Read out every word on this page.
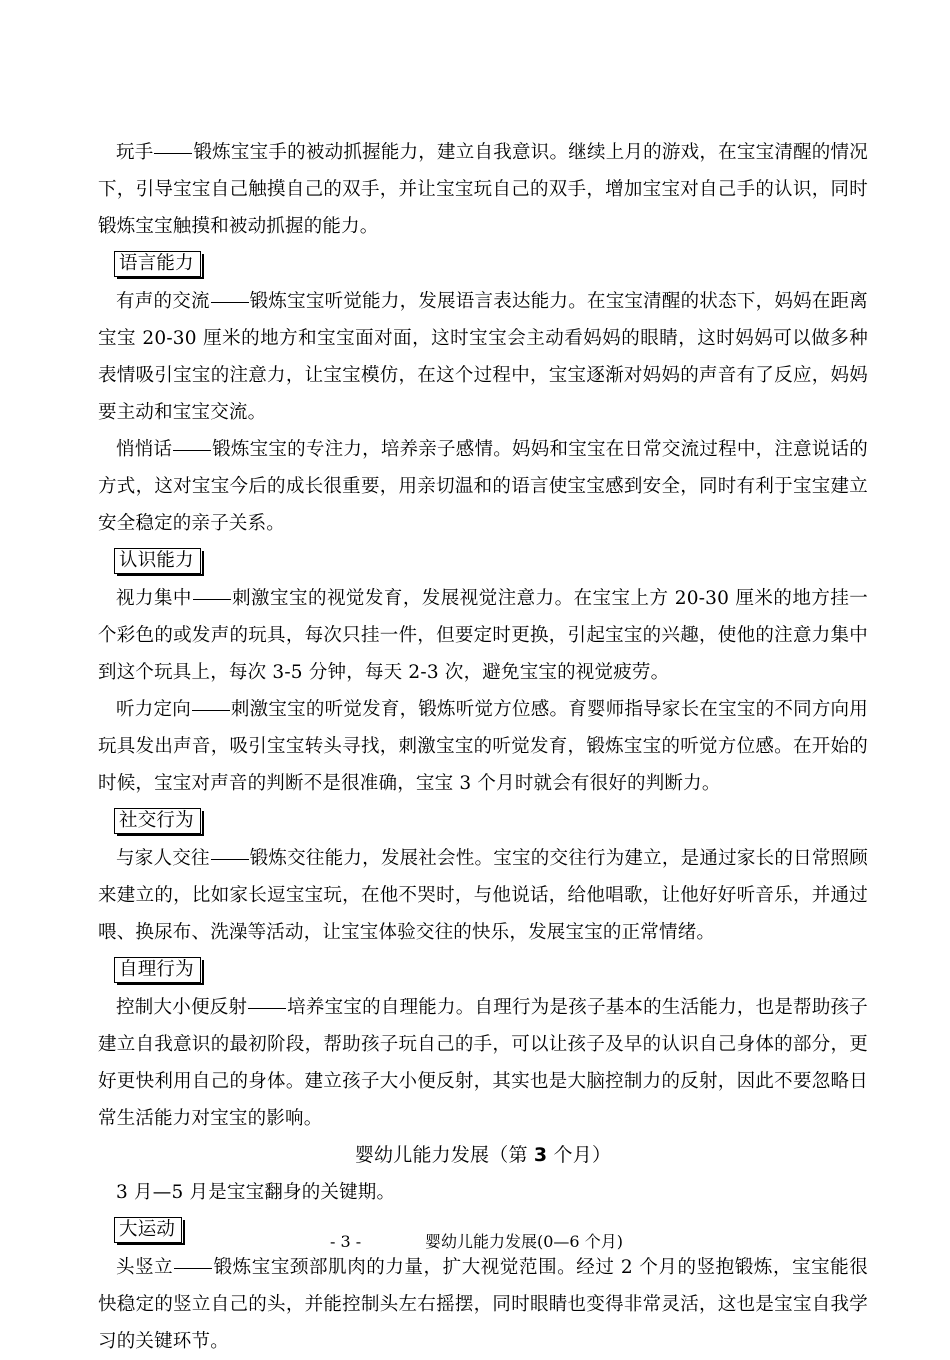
玩手 锻炼宝宝手的被动抓握能力，建立自我意识。继续上月的游戏，在宝宝清醒的情况下，引导宝宝自己触摸自己的双手，并让宝宝玩自己的双手，增加宝宝对自己手的认识，同时锻炼宝宝触摸和被动抓握的能力。

语言能力

有声的交流 锻炼宝宝听觉能力，发展语言表达能力。在宝宝清醒的状态下，妈妈在距离宝宝 20-30 厘米的地方和宝宝面对面，这时宝宝会主动看妈妈的眼睛，这时妈妈可以做多种表情吸引宝宝的注意力，让宝宝模仿，在这个过程中，宝宝逐渐对妈妈的声音有了反应，妈妈要主动和宝宝交流。

悄悄话 锻炼宝宝的专注力，培养亲子感情。妈妈和宝宝在日常交流过程中，注意说话的方式，这对宝宝今后的成长很重要，用亲切温和的语言使宝宝感到安全，同时有利于宝宝建立安全稳定的亲子关系。

认识能力

视力集中 刺激宝宝的视觉发育，发展视觉注意力。在宝宝上方 20-30 厘米的地方挂一个彩色的或发声的玩具，每次只挂一件，但要定时更换，引起宝宝的兴趣，使他的注意力集中到这个玩具上，每次 3-5 分钟，每天 2-3 次，避免宝宝的视觉疲劳。

听力定向 刺激宝宝的听觉发育，锻炼听觉方位感。育婴师指导家长在宝宝的不同方向用玩具发出声音，吸引宝宝转头寻找，刺激宝宝的听觉发育，锻炼宝宝的听觉方位感。在开始的时候，宝宝对声音的判断不是很准确，宝宝 3 个月时就会有很好的判断力。

社交行为

与家人交往 锻炼交往能力，发展社会性。宝宝的交往行为建立，是通过家长的日常照顾来建立的，比如家长逗宝宝玩，在他不哭时，与他说话，给他唱歌，让他好好听音乐，并通过喂、换尿布、洗澡等活动，让宝宝体验交往的快乐，发展宝宝的正常情绪。

自理行为

控制大小便反射 培养宝宝的自理能力。自理行为是孩子基本的生活能力，也是帮助孩子建立自我意识的最初阶段，帮助孩子玩自己的手，可以让孩子及早的认识自己身体的部分，更好更快利用自己的身体。建立孩子大小便反射，其实也是大脑控制力的反射，因此不要忽略日常生活能力对宝宝的影响。

婴幼儿能力发展（第 3 个月）

3 月—5 月是宝宝翻身的关键期。

大运动

头竖立 锻炼宝宝颈部肌肉的力量，扩大视觉范围。经过 2 个月的竖抱锻炼，宝宝能很快稳定的竖立自己的头，并能控制头左右摇摆，同时眼睛也变得非常灵活，这也是宝宝自我学习的关键环节。

- 3 -	婴幼儿能力发展(0—6 个月)
